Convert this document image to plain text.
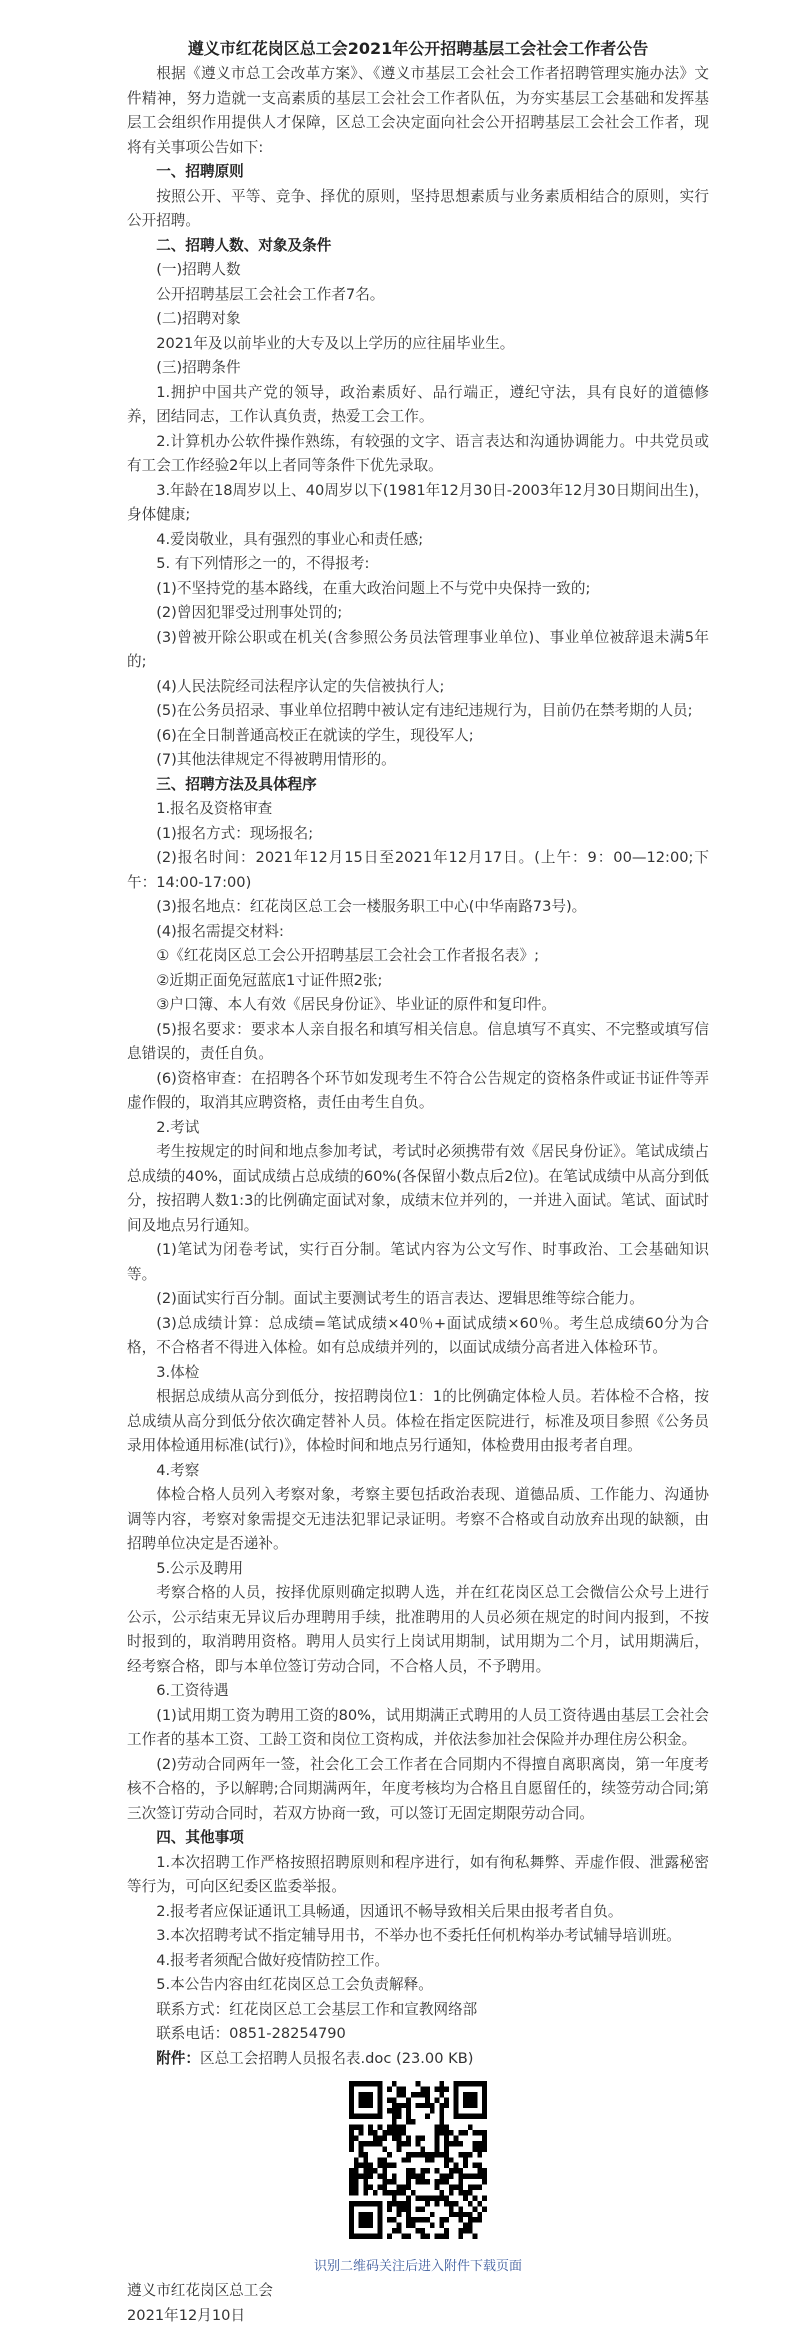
遵义市红花岗区总工会2021年公开招聘基层工会社会工作者公告

根据《遵义市总工会改革方案》、《遵义市基层工会社会工作者招聘管理实施办法》文件精神，努力造就一支高素质的基层工会社会工作者队伍，为夯实基层工会基础和发挥基层工会组织作用提供人才保障，区总工会决定面向社会公开招聘基层工会社会工作者，现将有关事项公告如下:

一、招聘原则

按照公开、平等、竞争、择优的原则，坚持思想素质与业务素质相结合的原则，实行公开招聘。

二、招聘人数、对象及条件

(一)招聘人数

公开招聘基层工会社会工作者7名。

(二)招聘对象

2021年及以前毕业的大专及以上学历的应往届毕业生。

(三)招聘条件

1.拥护中国共产党的领导，政治素质好、品行端正，遵纪守法，具有良好的道德修养，团结同志，工作认真负责，热爱工会工作。

2.计算机办公软件操作熟练，有较强的文字、语言表达和沟通协调能力。中共党员或有工会工作经验2年以上者同等条件下优先录取。

3.年龄在18周岁以上、40周岁以下(1981年12月30日-2003年12月30日期间出生)，身体健康;

4.爱岗敬业，具有强烈的事业心和责任感;

5. 有下列情形之一的，不得报考:

(1)不坚持党的基本路线，在重大政治问题上不与党中央保持一致的;

(2)曾因犯罪受过刑事处罚的;

(3)曾被开除公职或在机关(含参照公务员法管理事业单位)、事业单位被辞退未满5年的;

(4)人民法院经司法程序认定的失信被执行人;

(5)在公务员招录、事业单位招聘中被认定有违纪违规行为，目前仍在禁考期的人员;

(6)在全日制普通高校正在就读的学生，现役军人;

(7)其他法律规定不得被聘用情形的。

三、招聘方法及具体程序

1.报名及资格审查

(1)报名方式：现场报名;

(2)报名时间：2021年12月15日至2021年12月17日。(上午：9：00—12:00;下午：14:00-17:00)

(3)报名地点：红花岗区总工会一楼服务职工中心(中华南路73号)。

(4)报名需提交材料:

①《红花岗区总工会公开招聘基层工会社会工作者报名表》;

②近期正面免冠蓝底1寸证件照2张;

③户口簿、本人有效《居民身份证》、毕业证的原件和复印件。

(5)报名要求：要求本人亲自报名和填写相关信息。信息填写不真实、不完整或填写信息错误的，责任自负。

(6)资格审查：在招聘各个环节如发现考生不符合公告规定的资格条件或证书证件等弄虚作假的，取消其应聘资格，责任由考生自负。

2.考试

考生按规定的时间和地点参加考试，考试时必须携带有效《居民身份证》。笔试成绩占总成绩的40%，面试成绩占总成绩的60%(各保留小数点后2位)。在笔试成绩中从高分到低分，按招聘人数1:3的比例确定面试对象，成绩末位并列的，一并进入面试。笔试、面试时间及地点另行通知。

(1)笔试为闭卷考试，实行百分制。笔试内容为公文写作、时事政治、工会基础知识等。

(2)面试实行百分制。面试主要测试考生的语言表达、逻辑思维等综合能力。

(3)总成绩计算：总成绩=笔试成绩×40％+面试成绩×60％。考生总成绩60分为合格，不合格者不得进入体检。如有总成绩并列的，以面试成绩分高者进入体检环节。

3.体检

根据总成绩从高分到低分，按招聘岗位1：1的比例确定体检人员。若体检不合格，按总成绩从高分到低分依次确定替补人员。体检在指定医院进行，标准及项目参照《公务员录用体检通用标准(试行)》，体检时间和地点另行通知，体检费用由报考者自理。

4.考察

体检合格人员列入考察对象，考察主要包括政治表现、道德品质、工作能力、沟通协调等内容，考察对象需提交无违法犯罪记录证明。考察不合格或自动放弃出现的缺额，由招聘单位决定是否递补。

5.公示及聘用

考察合格的人员，按择优原则确定拟聘人选，并在红花岗区总工会微信公众号上进行公示，公示结束无异议后办理聘用手续，批准聘用的人员必须在规定的时间内报到，不按时报到的，取消聘用资格。聘用人员实行上岗试用期制，试用期为二个月，试用期满后，经考察合格，即与本单位签订劳动合同，不合格人员，不予聘用。

6.工资待遇

(1)试用期工资为聘用工资的80%，试用期满正式聘用的人员工资待遇由基层工会社会工作者的基本工资、工龄工资和岗位工资构成，并依法参加社会保险并办理住房公积金。

(2)劳动合同两年一签，社会化工会工作者在合同期内不得擅自离职离岗，第一年度考核不合格的，予以解聘;合同期满两年，年度考核均为合格且自愿留任的，续签劳动合同;第三次签订劳动合同时，若双方协商一致，可以签订无固定期限劳动合同。

四、其他事项

1.本次招聘工作严格按照招聘原则和程序进行，如有徇私舞弊、弄虚作假、泄露秘密等行为，可向区纪委区监委举报。

2.报考者应保证通讯工具畅通，因通讯不畅导致相关后果由报考者自负。

3.本次招聘考试不指定辅导用书，不举办也不委托任何机构举办考试辅导培训班。

4.报考者须配合做好疫情防控工作。

5.本公告内容由红花岗区总工会负责解释。

联系方式：红花岗区总工会基层工作和宣教网络部

联系电话：0851-28254790

附件：区总工会招聘人员报名表.doc (23.00 KB)

识别二维码关注后进入附件下载页面

遵义市红花岗区总工会

2021年12月10日
